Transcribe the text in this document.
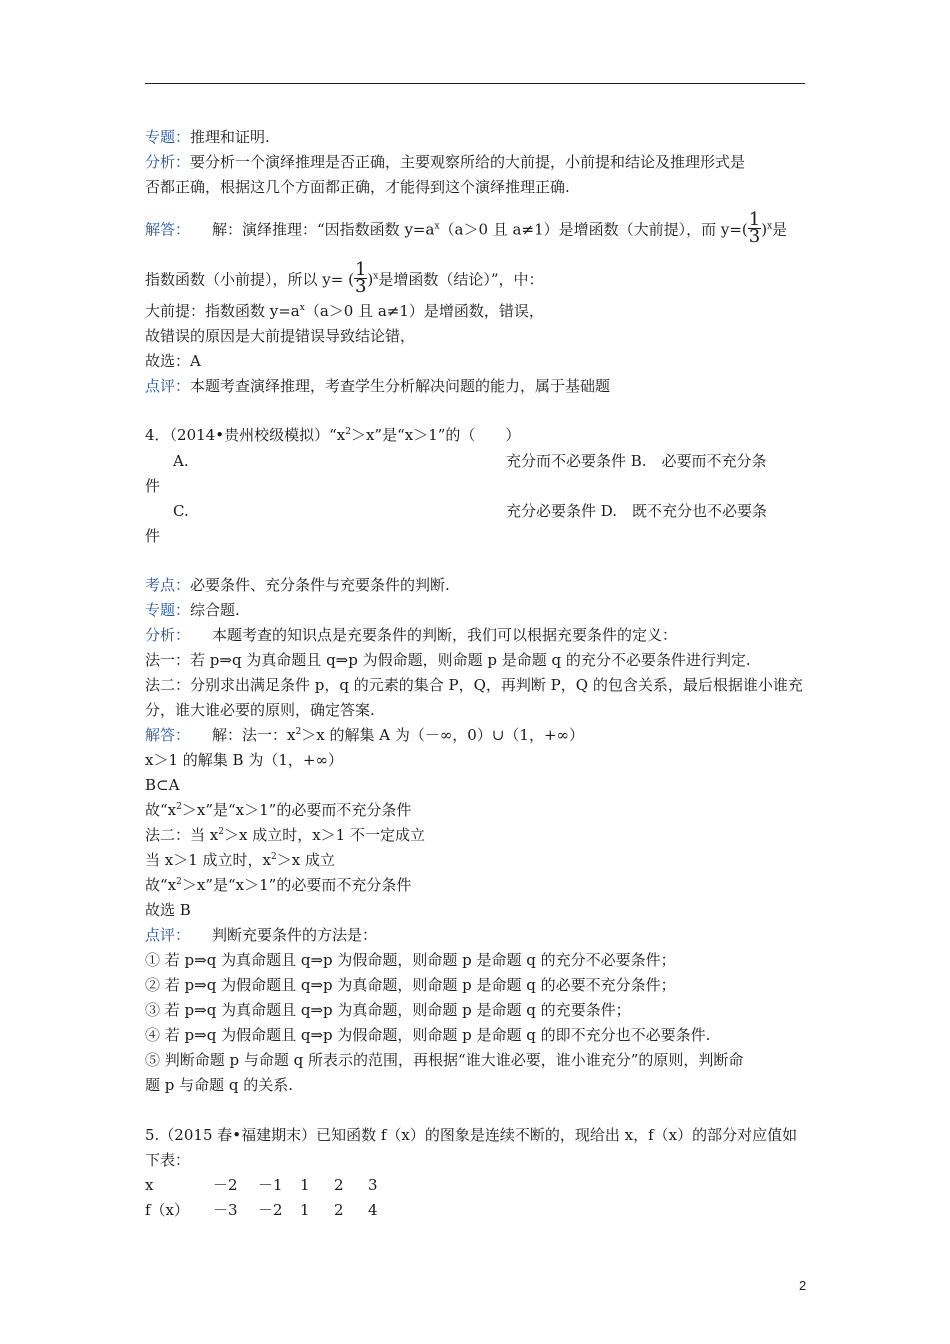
专题：推理和证明.
分析：要分析一个演绎推理是否正确，主要观察所给的大前提，小前提和结论及推理形式是
否都正确，根据这几个方面都正确，才能得到这个演绎推理正确.
解答： 解：演绎推理：“因指数函数 $y=a^x(a>0$ 且 a≠1）是增函数（大前提），而 $y=( \frac{1}{3} )^x$是
指数函数（小前提），所以 y= ( $\frac{1}{3} )^x$是增函数（结论）”，中：
大前提：指数函数 $y=a^x(a>0$ 且 a≠1）是增函数，错误，
故错误的原因是大前提错误导致结论错，
故选：A
点评：本题考查演绎推理，考查学生分析解决问题的能力，属于基础题
4．（2014•贵州校级模拟）“$x^2>x$”是“x＞1”的（　　）
A.	充分而不必要条件 B.　必要而不充分条
件
C.	充分必要条件 D.　既不充分也不必要条
件
考点：必要条件、充分条件与充要条件的判断.
专题：综合题.
分析： 本题考查的知识点是充要条件的判断，我们可以根据充要条件的定义：
法一：若 p⇒q 为真命题且 q⇒p 为假命题，则命题 p 是命题 q 的充分不必要条件进行判定.
法二：分别求出满足条件 p，q 的元素的集合 P，Q，再判断 P，Q 的包含关系，最后根据谁小谁充
分，谁大谁必要的原则，确定答案.
解答： 解：法一：$x^2>x$ 的解集 A 为（－∞，0）∪（1，+∞）
x＞1 的解集 B 为（1，+∞）
B⊂A
故“$x^2>x$”是“x＞1”的必要而不充分条件
法二：当 $x^2>x$ 成立时，x＞1 不一定成立
当 x＞1 成立时，$x^2>x$ 成立
故“$x^2>x$”是“x＞1”的必要而不充分条件
故选 B
点评： 判断充要条件的方法是：
① 若 p⇒q 为真命题且 q⇒p 为假命题，则命题 p 是命题 q 的充分不必要条件；
② 若 p⇒q 为假命题且 q⇒p 为真命题，则命题 p 是命题 q 的必要不充分条件；
③ 若 p⇒q 为真命题且 q⇒p 为真命题，则命题 p 是命题 q 的充要条件；
④ 若 p⇒q 为假命题且 q⇒p 为假命题，则命题 p 是命题 q 的即不充分也不必要条件.
⑤ 判断命题 p 与命题 q 所表示的范围，再根据“谁大谁必要，谁小谁充分”的原则，判断命
题 p 与命题 q 的关系.
5.（2015 春•福建期末）已知函数 f（x）的图象是连续不断的，现给出 x，f（x）的部分对应值如
下表：
x	－2 －1 1 2 3
f（x） －3 －2 1 2 4
2
